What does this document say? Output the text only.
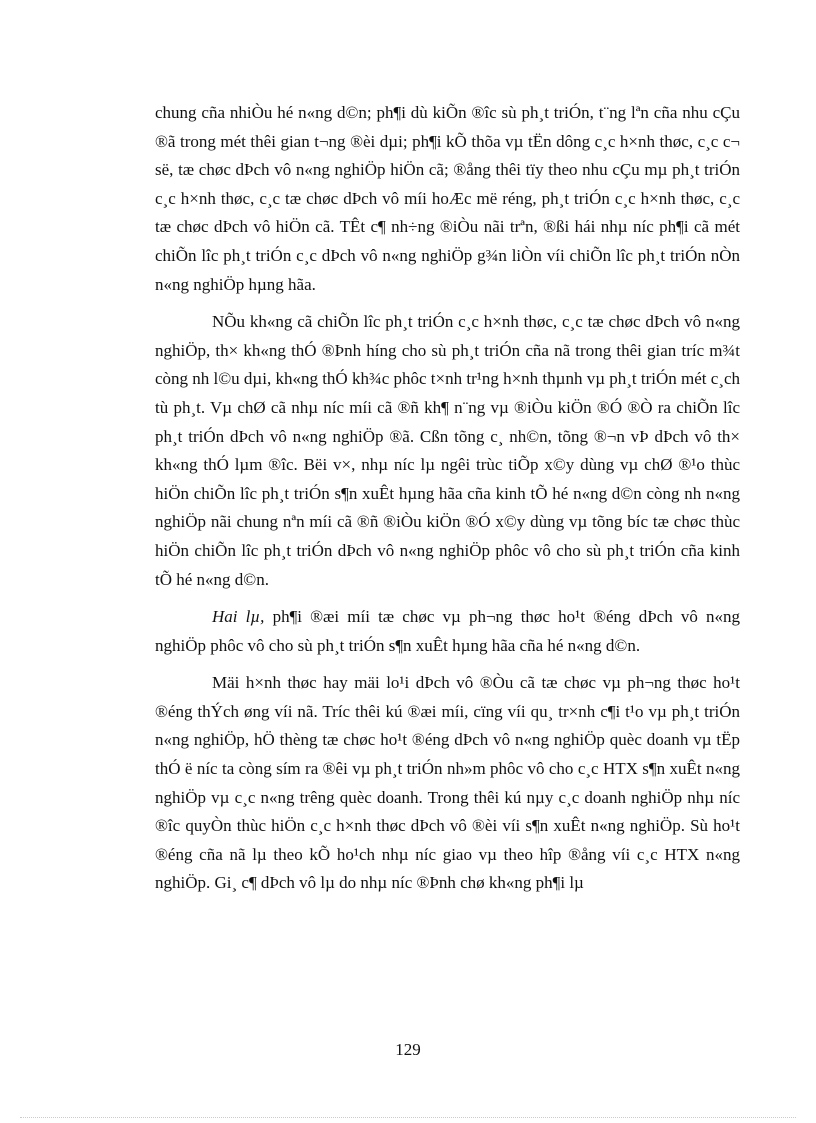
chung cña nhiÒu hé n«ng d©n; ph¶i dù kiÕn ®îc sù ph¸t triÓn, t¨ng lªn cña nhu cÇu ®ã trong mét thêi gian t¬ng ®èi dµi; ph¶i kÕ thõa vµ tËn dông c¸c h×nh thøc, c¸c c¬ së, tæ chøc dÞch vô n«ng nghiÖp hiÖn cã; ®ång thêi tïy theo nhu cÇu mµ ph¸t triÓn c¸c h×nh thøc, c¸c tæ chøc dÞch vô míi hoÆc më réng, ph¸t triÓn c¸c h×nh thøc, c¸c tæ chøc dÞch vô hiÖn cã. TÊt c¶ nh÷ng ®iÒu nãi trªn, ®ßi hái nhµ níc ph¶i cã mét chiÕn lîc ph¸t triÓn c¸c dÞch vô n«ng nghiÖp g¾n liÒn víi chiÕn lîc ph¸t triÓn nÒn n«ng nghiÖp hµng hãa.

NÕu kh«ng cã chiÕn lîc ph¸t triÓn c¸c h×nh thøc, c¸c tæ chøc dÞch vô n«ng nghiÖp, th× kh«ng thÓ ®Þnh híng cho sù ph¸t triÓn cña nã trong thêi gian tríc m¾t còng nh l©u dµi, kh«ng thÓ kh¾c phôc t×nh tr¹ng h×nh thµnh vµ ph¸t triÓn mét c¸ch tù ph¸t. Vµ chØ cã nhµ níc míi cã ®ñ kh¶ n¨ng vµ ®iÒu kiÖn ®Ó ®Ò ra chiÕn lîc ph¸t triÓn dÞch vô n«ng nghiÖp ®ã. Cßn tõng c¸ nh©n, tõng ®¬n vÞ dÞch vô th× kh«ng thÓ lµm ®îc. Bëi v×, nhµ níc lµ ngêi trùc tiÕp x©y dùng vµ chØ ®¹o thùc hiÖn chiÕn lîc ph¸t triÓn s¶n xuÊt hµng hãa cña kinh tÕ hé n«ng d©n còng nh n«ng nghiÖp nãi chung nªn míi cã ®ñ ®iÒu kiÖn ®Ó x©y dùng vµ tõng bíc tæ chøc thùc hiÖn chiÕn lîc ph¸t triÓn dÞch vô n«ng nghiÖp phôc vô cho sù ph¸t triÓn cña kinh tÕ hé n«ng d©n.

Hai lµ, ph¶i ®æi míi tæ chøc vµ ph¬ng thøc ho¹t ®éng dÞch vô n«ng nghiÖp phôc vô cho sù ph¸t triÓn s¶n xuÊt hµng hãa cña hé n«ng d©n.

Mäi h×nh thøc hay mäi lo¹i dÞch vô ®Òu cã tæ chøc vµ ph¬ng thøc ho¹t ®éng thÝch øng víi nã. Tríc thêi kú ®æi míi, cïng víi qu¸ tr×nh c¶i t¹o vµ ph¸t triÓn n«ng nghiÖp, hÖ thèng tæ chøc ho¹t ®éng dÞch vô n«ng nghiÖp quèc doanh vµ tËp thÓ ë níc ta còng sím ra ®êi vµ ph¸t triÓn nh»m phôc vô cho c¸c HTX s¶n xuÊt n«ng nghiÖp vµ c¸c n«ng trêng quèc doanh. Trong thêi kú nµy c¸c doanh nghiÖp nhµ níc ®îc quyÒn thùc hiÖn c¸c h×nh thøc dÞch vô ®èi víi s¶n xuÊt n«ng nghiÖp. Sù ho¹t ®éng cña nã lµ theo kÕ ho¹ch nhµ níc giao vµ theo hîp ®ång víi c¸c HTX n«ng nghiÖp. Gi¸ c¶ dÞch vô lµ do nhµ níc ®Þnh chø kh«ng ph¶i lµ

129
